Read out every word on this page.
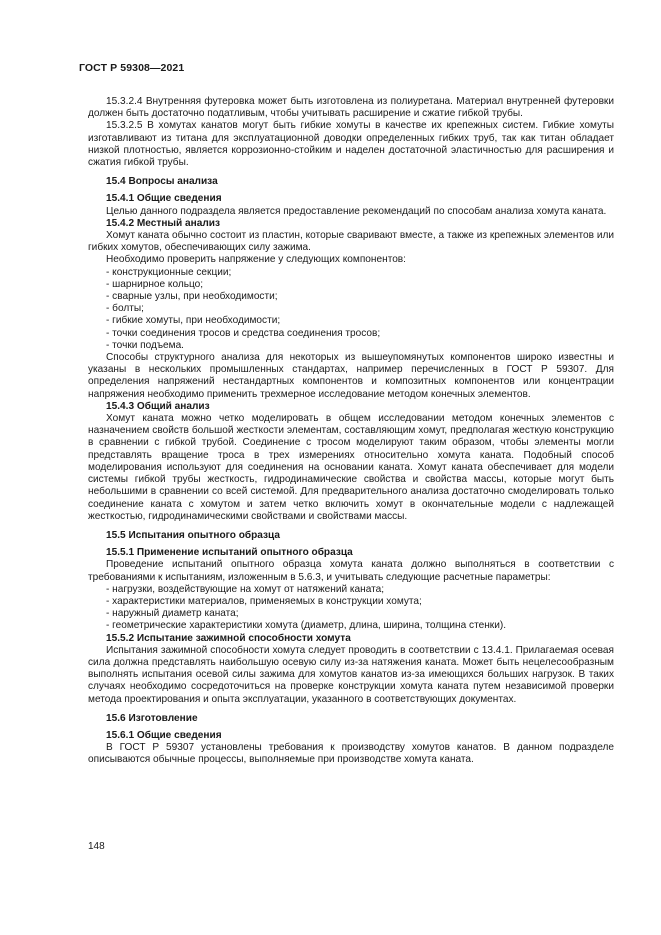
ГОСТ Р 59308—2021

15.3.2.4 Внутренняя футеровка может быть изготовлена из полиуретана. Материал внутренней футеровки должен быть достаточно податливым, чтобы учитывать расширение и сжатие гибкой трубы.

15.3.2.5 В хомутах канатов могут быть гибкие хомуты в качестве их крепежных систем. Гибкие хомуты изготавливают из титана для эксплуатационной доводки определенных гибких труб, так как титан обладает низкой плотностью, является коррозионно-стойким и наделен достаточной эластичностью для расширения и сжатия гибкой трубы.

15.4 Вопросы анализа
15.4.1 Общие сведения

Целью данного подраздела является предоставление рекомендаций по способам анализа хомута каната.

15.4.2 Местный анализ

Хомут каната обычно состоит из пластин, которые сваривают вместе, а также из крепежных элементов или гибких хомутов, обеспечивающих силу зажима.

Необходимо проверить напряжение у следующих компонентов:

- конструкционные секции;

- шарнирное кольцо;

- сварные узлы, при необходимости;

- болты;

- гибкие хомуты, при необходимости;

- точки соединения тросов и средства соединения тросов;

- точки подъема.

Способы структурного анализа для некоторых из вышеупомянутых компонентов широко известны и указаны в нескольких промышленных стандартах, например перечисленных в ГОСТ Р 59307. Для определения напряжений нестандартных компонентов и композитных компонентов или концентрации напряжения необходимо применить трехмерное исследование методом конечных элементов.

15.4.3 Общий анализ

Хомут каната можно четко моделировать в общем исследовании методом конечных элементов с назначением свойств большой жесткости элементам, составляющим хомут, предполагая жесткую конструкцию в сравнении с гибкой трубой. Соединение с тросом моделируют таким образом, чтобы элементы могли представлять вращение троса в трех измерениях относительно хомута каната. Подобный способ моделирования используют для соединения на основании каната. Хомут каната обеспечивает для модели системы гибкой трубы жесткость, гидродинамические свойства и свойства массы, которые могут быть небольшими в сравнении со всей системой. Для предварительного анализа достаточно смоделировать только соединение каната с хомутом и затем четко включить хомут в окончательные модели с надлежащей жесткостью, гидродинамическими свойствами и свойствами массы.

15.5 Испытания опытного образца
15.5.1 Применение испытаний опытного образца

Проведение испытаний опытного образца хомута каната должно выполняться в соответствии с требованиями к испытаниям, изложенным в 5.6.3, и учитывать следующие расчетные параметры:

- нагрузки, воздействующие на хомут от натяжений каната;

- характеристики материалов, применяемых в конструкции хомута;

- наружный диаметр каната;

- геометрические характеристики хомута (диаметр, длина, ширина, толщина стенки).

15.5.2 Испытание зажимной способности хомута

Испытания зажимной способности хомута следует проводить в соответствии с 13.4.1. Прилагаемая осевая сила должна представлять наибольшую осевую силу из-за натяжения каната. Может быть нецелесообразным выполнять испытания осевой силы зажима для хомутов канатов из-за имеющихся больших нагрузок. В таких случаях необходимо сосредоточиться на проверке конструкции хомута каната путем независимой проверки метода проектирования и опыта эксплуатации, указанного в соответствующих документах.

15.6 Изготовление
15.6.1 Общие сведения

В ГОСТ Р 59307 установлены требования к производству хомутов канатов. В данном подразделе описываются обычные процессы, выполняемые при производстве хомута каната.

148
